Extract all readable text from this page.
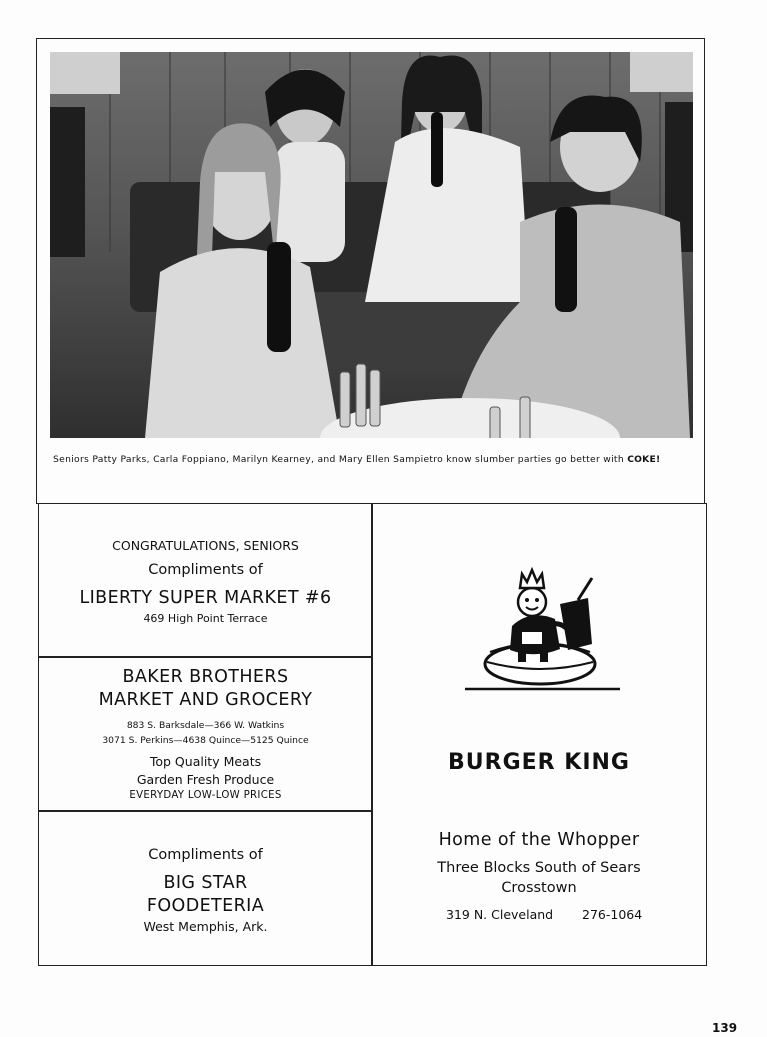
Seniors Patty Parks, Carla Foppiano, Marilyn Kearney, and Mary Ellen Sampietro know slumber parties go better with COKE!
CONGRATULATIONS, SENIORS
Compliments of
LIBERTY SUPER MARKET #6
469 High Point Terrace
BAKER BROTHERS
MARKET AND GROCERY
883 S. Barksdale—366 W. Watkins
3071 S. Perkins—4638 Quince—5125 Quince
Top Quality Meats
Garden Fresh Produce
EVERYDAY LOW-LOW PRICES
Compliments of
BIG STAR
FOODETERIA
West Memphis, Ark.
BURGER KING
Home of the Whopper
Three Blocks South of Sears
Crosstown
319 N. Cleveland 276-1064
139
